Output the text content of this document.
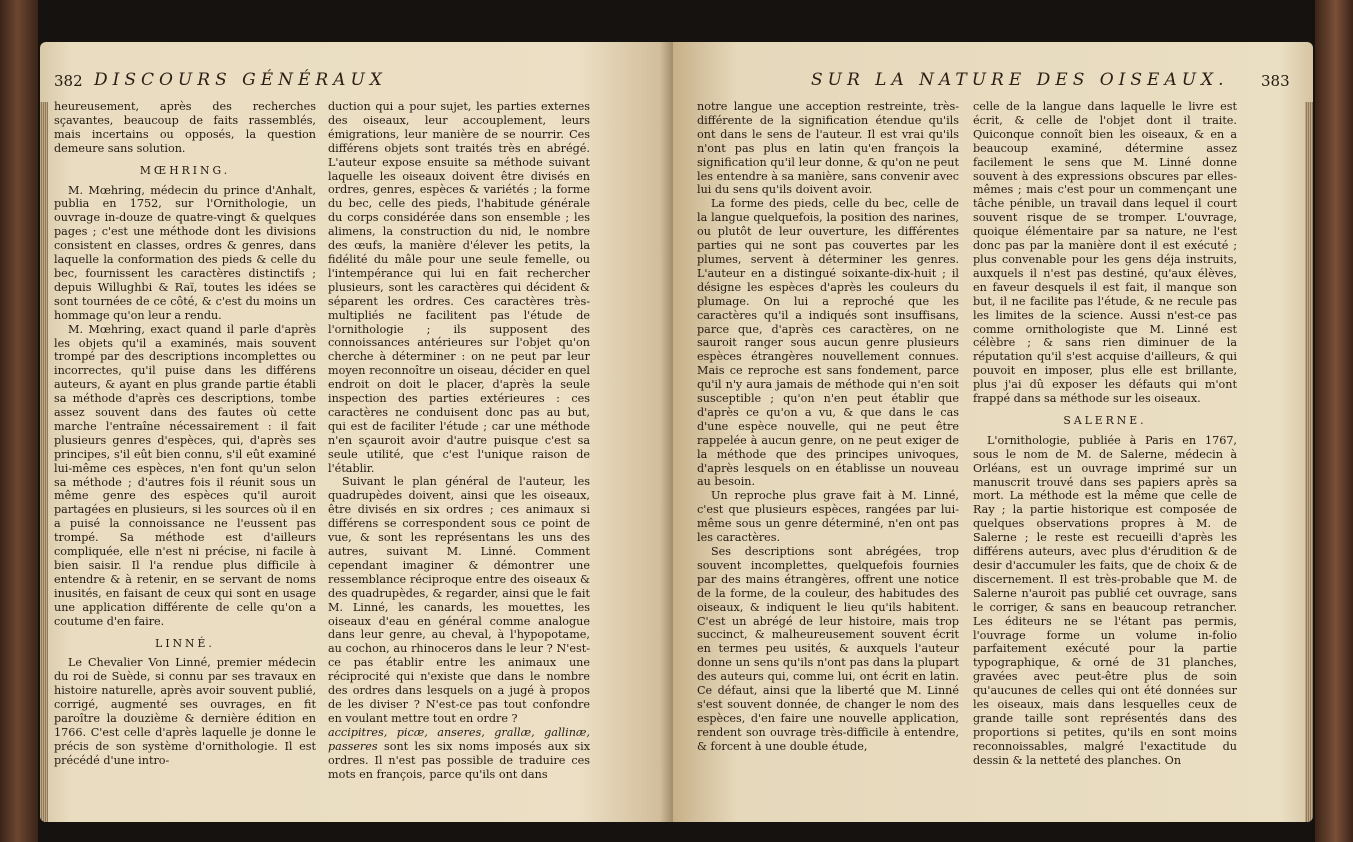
382 DISCOURS GÉNÉRAUX

heureusement, après des recherches sçavantes, beaucoup de faits rassemblés, mais incertains ou opposés, la question demeure sans solution.

MŒHRING.

M. Mœhring, médecin du prince d'Anhalt, publia en 1752, sur l'Ornithologie, un ouvrage in-douze de quatre-vingt & quelques pages ; c'est une méthode dont les divisions consistent en classes, ordres & genres, dans laquelle la conformation des pieds & celle du bec, fournissent les caractères distinctifs ; depuis Willughbi & Raï, toutes les idées se sont tournées de ce côté, & c'est du moins un hommage qu'on leur a rendu.

M. Mœhring, exact quand il parle d'après les objets qu'il a examinés, mais souvent trompé par des descriptions incomplettes ou incorrectes, qu'il puise dans les différens auteurs, & ayant en plus grande partie établi sa méthode d'après ces descriptions, tombe assez souvent dans des fautes où cette marche l'entraîne nécessairement : il fait plusieurs genres d'espèces, qui, d'après ses principes, s'il eût bien connu, s'il eût examiné lui-même ces espèces, n'en font qu'un selon sa méthode ; d'autres fois il réunit sous un même genre des espèces qu'il auroit partagées en plusieurs, si les sources où il en a puisé la connoissance ne l'eussent pas trompé. Sa méthode est d'ailleurs compliquée, elle n'est ni précise, ni facile à bien saisir. Il l'a rendue plus difficile à entendre & à retenir, en se servant de noms inusités, en faisant de ceux qui sont en usage une application différente de celle qu'on a coutume d'en faire.

LINNÉ.

Le Chevalier Von Linné, premier médecin du roi de Suède, si connu par ses travaux en histoire naturelle, après avoir souvent publié, corrigé, augmenté ses ouvrages, en fit paroître la douzième & dernière édition en 1766. C'est celle d'après laquelle je donne le précis de son système d'ornithologie. Il est précédé d'une intro-

duction qui a pour sujet, les parties externes des oiseaux, leur accouplement, leurs émigrations, leur manière de se nourrir. Ces différens objets sont traités très en abrégé. L'auteur expose ensuite sa méthode suivant laquelle les oiseaux doivent être divisés en ordres, genres, espèces & variétés ; la forme du bec, celle des pieds, l'habitude générale du corps considérée dans son ensemble ; les alimens, la construction du nid, le nombre des œufs, la manière d'élever les petits, la fidélité du mâle pour une seule femelle, ou l'intempérance qui lui en fait rechercher plusieurs, sont les caractères qui décident & séparent les ordres. Ces caractères très-multipliés ne facilitent pas l'étude de l'ornithologie ; ils supposent des connoissances antérieures sur l'objet qu'on cherche à déterminer : on ne peut par leur moyen reconnoître un oiseau, décider en quel endroit on doit le placer, d'après la seule inspection des parties extérieures : ces caractères ne conduisent donc pas au but, qui est de faciliter l'étude ; car une méthode n'en sçauroit avoir d'autre puisque c'est sa seule utilité, que c'est l'unique raison de l'établir.

Suivant le plan général de l'auteur, les quadrupèdes doivent, ainsi que les oiseaux, être divisés en six ordres ; ces animaux si différens se correspondent sous ce point de vue, & sont les représentans les uns des autres, suivant M. Linné. Comment cependant imaginer & démontrer une ressemblance réciproque entre des oiseaux & des quadrupèdes, & regarder, ainsi que le fait M. Linné, les canards, les mouettes, les oiseaux d'eau en général comme analogue dans leur genre, au cheval, à l'hypopotame, au cochon, au rhinoceros dans le leur ? N'est-ce pas établir entre les animaux une réciprocité qui n'existe que dans le nombre des ordres dans lesquels on a jugé à propos de les diviser ? N'est-ce pas tout confondre en voulant mettre tout en ordre ?

accipitres, picæ, anseres, grallæ, gallinæ, passeres sont les six noms imposés aux six ordres. Il n'est pas possible de traduire ces mots en françois, parce qu'ils ont dans

SUR LA NATURE DES OISEAUX. 383

notre langue une acception restreinte, très-différente de la signification étendue qu'ils ont dans le sens de l'auteur. Il est vrai qu'ils n'ont pas plus en latin qu'en françois la signification qu'il leur donne, & qu'on ne peut les entendre à sa manière, sans convenir avec lui du sens qu'ils doivent avoir.

La forme des pieds, celle du bec, celle de la langue quelquefois, la position des narines, ou plutôt de leur ouverture, les différentes parties qui ne sont pas couvertes par les plumes, servent à déterminer les genres. L'auteur en a distingué soixante-dix-huit ; il désigne les espèces d'après les couleurs du plumage. On lui a reproché que les caractères qu'il a indiqués sont insuffisans, parce que, d'après ces caractères, on ne sauroit ranger sous aucun genre plusieurs espèces étrangères nouvellement connues. Mais ce reproche est sans fondement, parce qu'il n'y aura jamais de méthode qui n'en soit susceptible ; qu'on n'en peut établir que d'après ce qu'on a vu, & que dans le cas d'une espèce nouvelle, qui ne peut être rappelée à aucun genre, on ne peut exiger de la méthode que des principes univoques, d'après lesquels on en établisse un nouveau au besoin.

Un reproche plus grave fait à M. Linné, c'est que plusieurs espèces, rangées par lui-même sous un genre déterminé, n'en ont pas les caractères.

Ses descriptions sont abrégées, trop souvent incomplettes, quelquefois fournies par des mains étrangères, offrent une notice de la forme, de la couleur, des habitudes des oiseaux, & indiquent le lieu qu'ils habitent. C'est un abrégé de leur histoire, mais trop succinct, & malheureusement souvent écrit en termes peu usités, & auxquels l'auteur donne un sens qu'ils n'ont pas dans la plupart des auteurs qui, comme lui, ont écrit en latin. Ce défaut, ainsi que la liberté que M. Linné s'est souvent donnée, de changer le nom des espèces, d'en faire une nouvelle application, rendent son ouvrage très-difficile à entendre, & forcent à une double étude,

celle de la langue dans laquelle le livre est écrit, & celle de l'objet dont il traite. Quiconque connoît bien les oiseaux, & en a beaucoup examiné, détermine assez facilement le sens que M. Linné donne souvent à des expressions obscures par elles-mêmes ; mais c'est pour un commençant une tâche pénible, un travail dans lequel il court souvent risque de se tromper. L'ouvrage, quoique élémentaire par sa nature, ne l'est donc pas par la manière dont il est exécuté ; plus convenable pour les gens déja instruits, auxquels il n'est pas destiné, qu'aux élèves, en faveur desquels il est fait, il manque son but, il ne facilite pas l'étude, & ne recule pas les limites de la science. Aussi n'est-ce pas comme ornithologiste que M. Linné est célèbre ; & sans rien diminuer de la réputation qu'il s'est acquise d'ailleurs, & qui pouvoit en imposer, plus elle est brillante, plus j'ai dû exposer les défauts qui m'ont frappé dans sa méthode sur les oiseaux.

SALERNE.

L'ornithologie, publiée à Paris en 1767, sous le nom de M. de Salerne, médecin à Orléans, est un ouvrage imprimé sur un manuscrit trouvé dans ses papiers après sa mort. La méthode est la même que celle de Ray ; la partie historique est composée de quelques observations propres à M. de Salerne ; le reste est recueilli d'après les différens auteurs, avec plus d'érudition & de desir d'accumuler les faits, que de choix & de discernement. Il est très-probable que M. de Salerne n'auroit pas publié cet ouvrage, sans le corriger, & sans en beaucoup retrancher. Les éditeurs ne se l'étant pas permis, l'ouvrage forme un volume in-folio parfaitement exécuté pour la partie typographique, & orné de 31 planches, gravées avec peut-être plus de soin qu'aucunes de celles qui ont été données sur les oiseaux, mais dans lesquelles ceux de grande taille sont représentés dans des proportions si petites, qu'ils en sont moins reconnoissables, malgré l'exactitude du dessin & la netteté des planches. On
